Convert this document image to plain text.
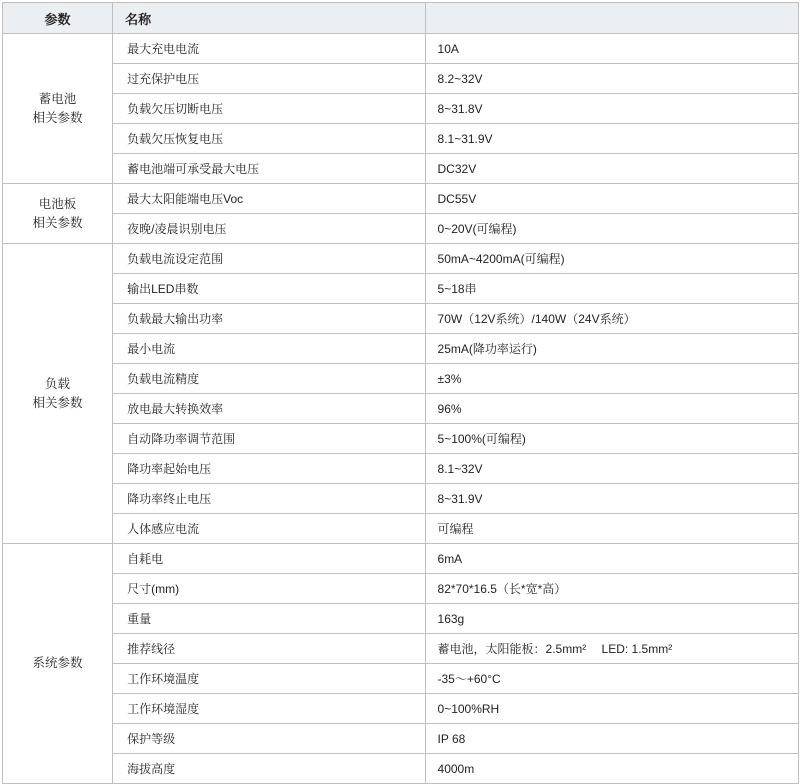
参数	名称	

蓄电池
相关参数	最大充电电流	10A
	过充保护电压	8.2~32V
	负载欠压切断电压	8~31.8V
	负载欠压恢复电压	8.1~31.9V
	蓄电池端可承受最大电压	DC32V

电池板
相关参数	最大太阳能端电压Voc	DC55V
	夜晚/凌晨识别电压	0~20V(可编程)

负载
相关参数	负载电流设定范围	50mA~4200mA(可编程)
	输出LED串数	5~18串
	负载最大输出功率	70W（12V系统）/140W（24V系统）
	最小电流	25mA(降功率运行)
	负载电流精度	±3%
	放电最大转换效率	96%
	自动降功率调节范围	5~100%(可编程)
	降功率起始电压	8.1~32V
	降功率终止电压	8~31.9V
	人体感应电流	可编程

系统参数	自耗电	6mA
	尺寸(mm)	82*70*16.5（长*宽*高）
	重量	163g
	推荐线径	蓄电池，太阳能板：2.5mm² 　LED: 1.5mm²
	工作环境温度	-35～+60°C
	工作环境湿度	0~100%RH
	保护等级	IP 68
	海拔高度	4000m
